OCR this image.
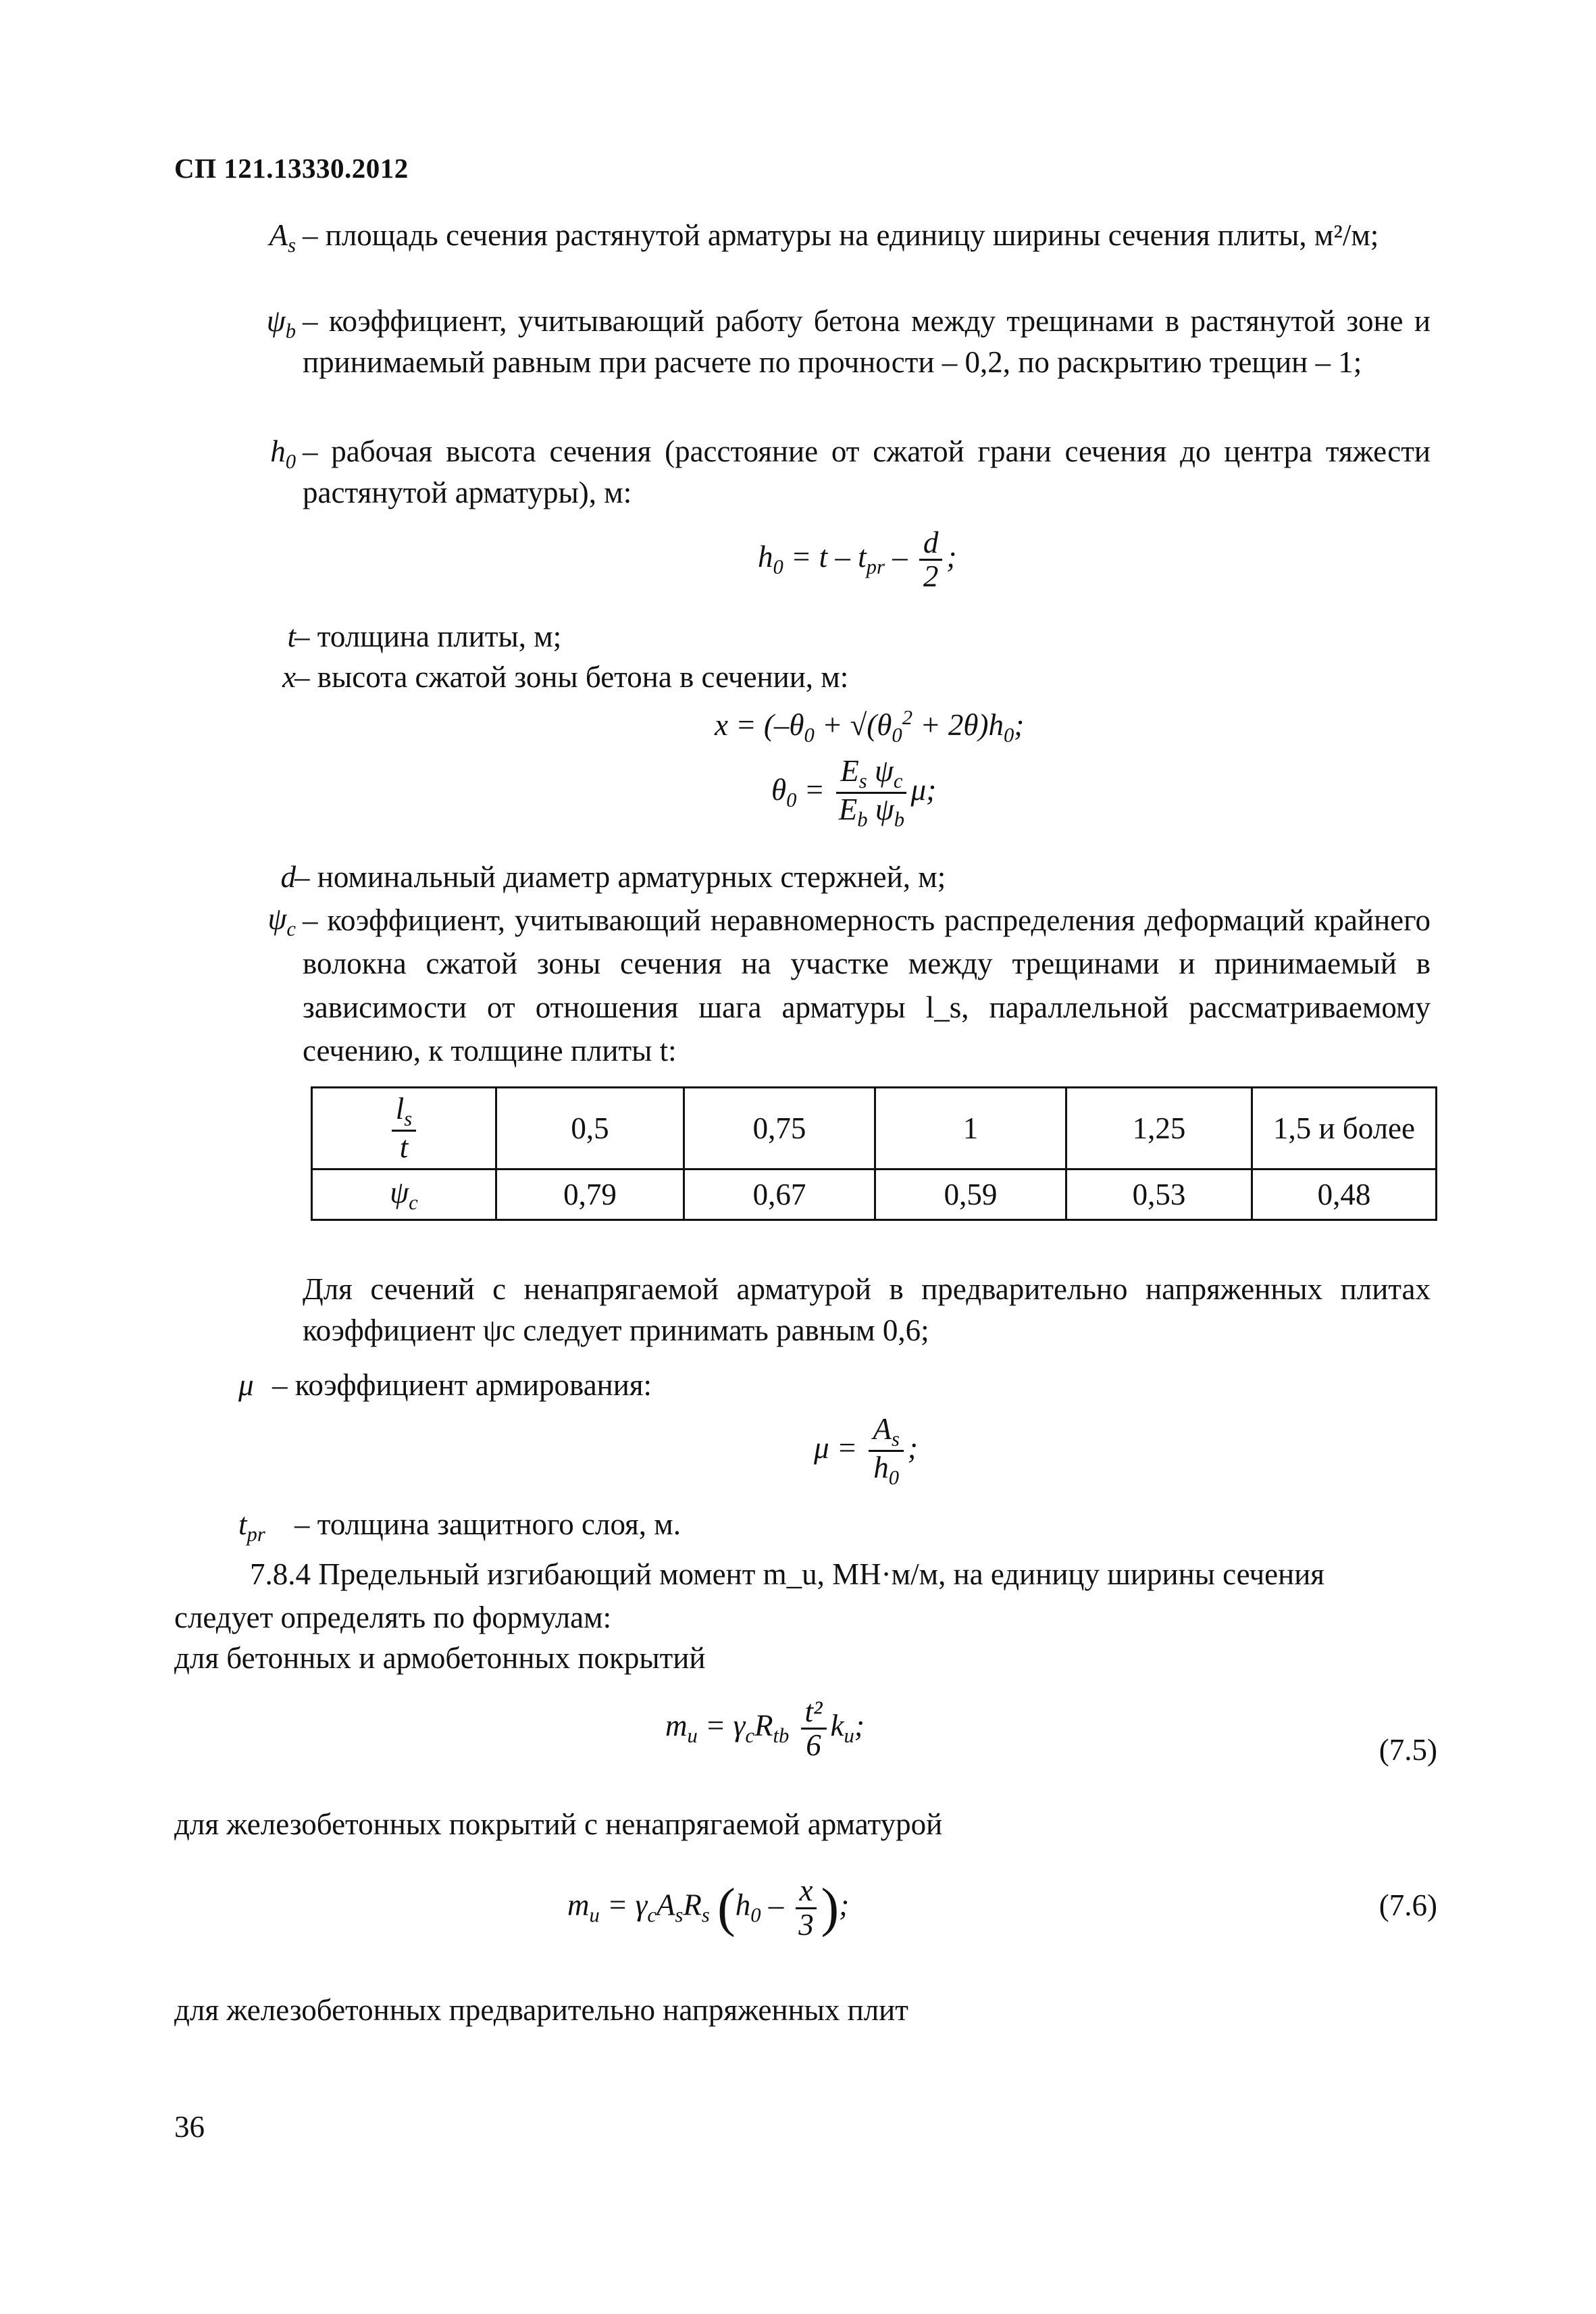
СП 121.13330.2012
$A_s$ – площадь сечения растянутой арматуры на единицу ширины сечения плиты, м²/м;
$\psi_b$ – коэффициент, учитывающий работу бетона между трещинами в растянутой зоне и принимаемый равным при расчете по прочности – 0,2, по раскрытию трещин – 1;
$h_0$ – рабочая высота сечения (расстояние от сжатой грани сечения до центра тяжести растянутой арматуры), м:
$h_0 = t - t_{pr} - \frac{d}{2}$ ;
t
– толщина плиты, м;
x
– высота сжатой зоны бетона в сечении, м:
$x = (-\theta_0 + √(\theta_0^2 + 2\theta)h_0$;
$\theta_0 = \frac{E_s \psi_c}{E_b \psi_b} \mu$;
d
– номинальный диаметр арматурных стержней, м;
$\psi_c$ – коэффициент, учитывающий неравномерность распределения деформаций крайнего волокна сжатой зоны сечения на участке между трещинами и принимаемый в зависимости от отношения шага арматуры l_s, параллельной рассматриваемому сечению, к толщине плиты t:
$\frac{l_s}{t}$	0,5	0,75	1	1,25	1,5 и более
$\psi_c$	0,79	0,67	0,59	0,53	0,48
Для сечений с ненапрягаемой арматурой в предварительно напряженных плитах коэффициент ψc следует принимать равным 0,6;
μ – коэффициент армирования:
$\mu = \frac{A_s}{h_0}$ ;
$t_{pr}$ – толщина защитного слоя, м.
7.8.4 Предельный изгибающий момент m_u, МН·м/м, на единицу ширины сечения
следует определять по формулам:
для бетонных и армобетонных покрытий
$m_u = \gamma_cR_{tb} \frac{\text{t²}}{6} k_u$;
(7.5)
для железобетонных покрытий с ненапрягаемой арматурой
$m_u = \gamma_cA_sR_s$ ($h_0 - \frac{x}{3}$ );	(7.6)
для железобетонных предварительно напряженных плит
36
